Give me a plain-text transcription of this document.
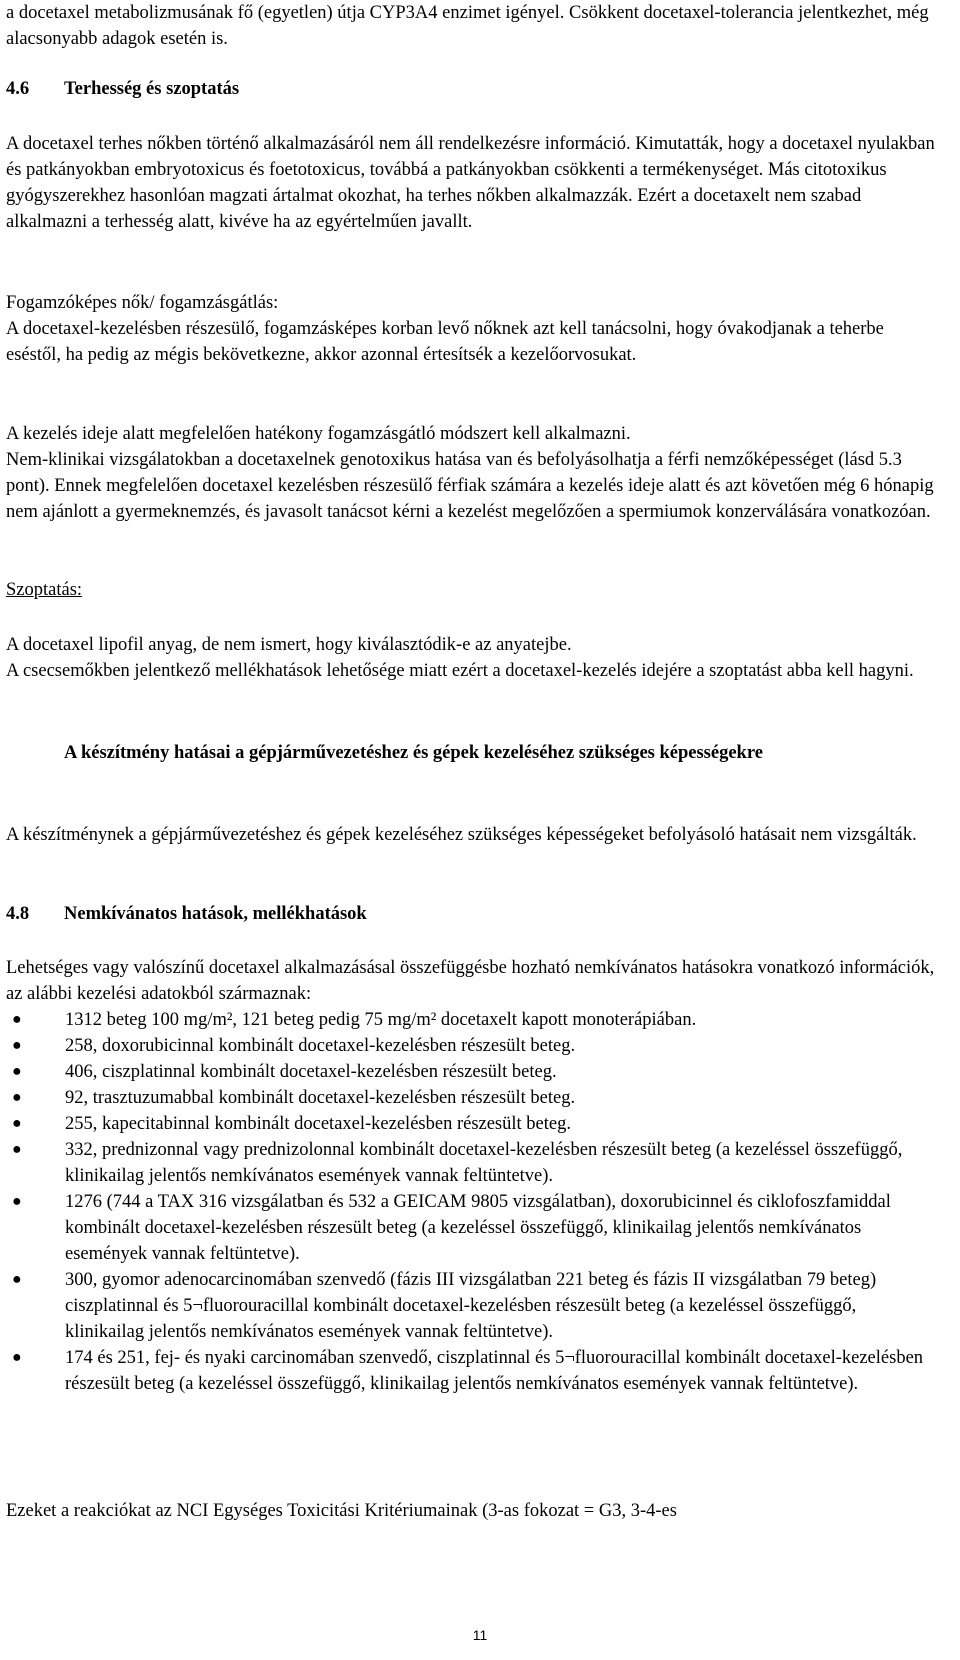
a docetaxel metabolizmusának fő (egyetlen) útja CYP3A4 enzimet igényel. Csökkent docetaxel-tolerancia jelentkezhet, még alacsonyabb adagok esetén is.

4.6 Terhesség és szoptatás

A docetaxel terhes nőkben történő alkalmazásáról nem áll rendelkezésre információ. Kimutatták, hogy a docetaxel nyulakban és patkányokban embryotoxicus és foetotoxicus, továbbá a patkányokban csökkenti a termékenységet. Más citotoxikus gyógyszerekhez hasonlóan magzati ártalmat okozhat, ha terhes nőkben alkalmazzák. Ezért a docetaxelt nem szabad alkalmazni a terhesség alatt, kivéve ha az egyértelműen javallt.

Fogamzóképes nők/ fogamzásgátlás:

A docetaxel-kezelésben részesülő, fogamzásképes korban levő nőknek azt kell tanácsolni, hogy óvakodjanak a teherbe eséstől, ha pedig az mégis bekövetkezne, akkor azonnal értesítsék a kezelőorvosukat.

A kezelés ideje alatt megfelelően hatékony fogamzásgátló módszert kell alkalmazni.

Nem-klinikai vizsgálatokban a docetaxelnek genotoxikus hatása van és befolyásolhatja a férfi nemzőképességet (lásd 5.3 pont). Ennek megfelelően docetaxel kezelésben részesülő férfiak számára a kezelés ideje alatt és azt követően még 6 hónapig nem ajánlott a gyermeknemzés, és javasolt tanácsot kérni a kezelést megelőzően a spermiumok konzerválására vonatkozóan.

Szoptatás:

A docetaxel lipofil anyag, de nem ismert, hogy kiválasztódik-e az anyatejbe.

A csecsemőkben jelentkező mellékhatások lehetősége miatt ezért a docetaxel-kezelés idejére a szoptatást abba kell hagyni.

A készítmény hatásai a gépjárművezetéshez és gépek kezeléséhez szükséges képességekre

A készítménynek a gépjárművezetéshez és gépek kezeléséhez szükséges képességeket befolyásoló hatásait nem vizsgálták.

4.8 Nemkívánatos hatások, mellékhatások

Lehetséges vagy valószínű docetaxel alkalmazásásal összefüggésbe hozható nemkívánatos hatásokra vonatkozó információk, az alábbi kezelési adatokból származnak:

● 1312 beteg 100 mg/m², 121 beteg pedig 75 mg/m² docetaxelt kapott monoterápiában.
● 258, doxorubicinnal kombinált docetaxel-kezelésben részesült beteg.
● 406, ciszplatinnal kombinált docetaxel-kezelésben részesült beteg.
● 92, trasztuzumabbal kombinált docetaxel-kezelésben részesült beteg.
● 255, kapecitabinnal kombinált docetaxel-kezelésben részesült beteg.
● 332, prednizonnal vagy prednizolonnal kombinált docetaxel-kezelésben részesült beteg (a kezeléssel összefüggő, klinikailag jelentős nemkívánatos események vannak feltüntetve).
● 1276 (744 a TAX 316 vizsgálatban és 532 a GEICAM 9805 vizsgálatban), doxorubicinnel és ciklofoszfamiddal kombinált docetaxel-kezelésben részesült beteg (a kezeléssel összefüggő, klinikailag jelentős nemkívánatos események vannak feltüntetve).
● 300, gyomor adenocarcinomában szenvedő (fázis III vizsgálatban 221 beteg és fázis II vizsgálatban 79 beteg) ciszplatinnal és 5¬fluorouracillal kombinált docetaxel-kezelésben részesült beteg (a kezeléssel összefüggő, klinikailag jelentős nemkívánatos események vannak feltüntetve).
● 174 és 251, fej- és nyaki carcinomában szenvedő, ciszplatinnal és 5¬fluorouracillal kombinált docetaxel-kezelésben részesült beteg (a kezeléssel összefüggő, klinikailag jelentős nemkívánatos események vannak feltüntetve).

Ezeket a reakciókat az NCI Egységes Toxicitási Kritériumainak (3-as fokozat = G3, 3-4-es

11
